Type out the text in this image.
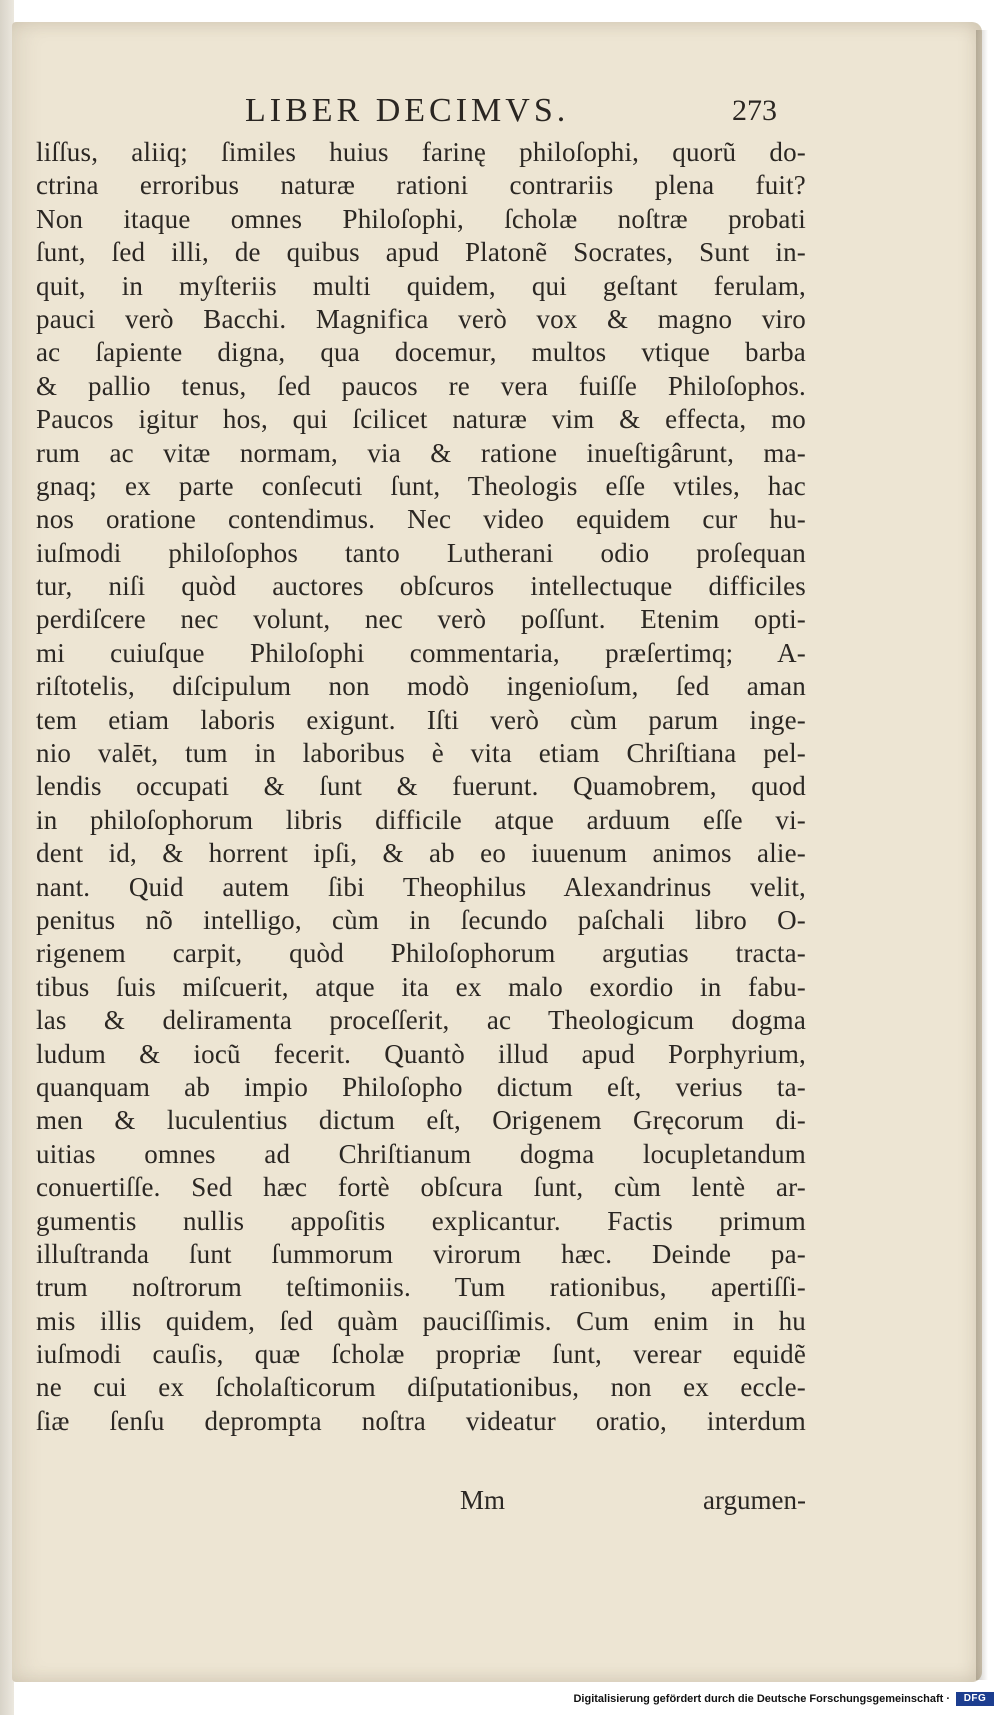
LIBER DECIMVS.	273
liſſus, aliiq; ſimiles huius farinę philoſophi, quorũ do-
ctrina erroribus naturæ rationi contrariis plena fuit?
Non itaque omnes Philoſophi, ſcholæ noſtræ probati
ſunt, ſed illi, de quibus apud Platonẽ Socrates, Sunt in-
quit, in myſteriis multi quidem, qui geſtant ferulam,
pauci verò Bacchi. Magnifica verò vox & magno viro
ac ſapiente digna, qua docemur, multos vtique barba
& pallio tenus, ſed paucos re vera fuiſſe Philoſophos.
Paucos igitur hos, qui ſcilicet naturæ vim & effecta, mo
rum ac vitæ normam, via & ratione inueſtigârunt, ma-
gnaq; ex parte conſecuti ſunt, Theologis eſſe vtiles, hac
nos oratione contendimus. Nec video equidem cur hu-
iuſmodi philoſophos tanto Lutherani odio proſequan
tur, niſi quòd auctores obſcuros intellectuque difficiles
perdiſcere nec volunt, nec verò poſſunt. Etenim opti-
mi cuiuſque Philoſophi commentaria, præſertimq; A-
riſtotelis, diſcipulum non modò ingenioſum, ſed aman
tem etiam laboris exigunt. Iſti verò cùm parum inge-
nio valēt, tum in laboribus è vita etiam Chriſtiana pel-
lendis occupati & ſunt & fuerunt. Quamobrem, quod
in philoſophorum libris difficile atque arduum eſſe vi-
dent id, & horrent ipſi, & ab eo iuuenum animos alie-
nant. Quid autem ſibi Theophilus Alexandrinus velit,
penitus nõ intelligo, cùm in ſecundo paſchali libro O-
rigenem carpit, quòd Philoſophorum argutias tracta-
tibus ſuis miſcuerit, atque ita ex malo exordio in fabu-
las & deliramenta proceſſerit, ac Theologicum dogma
ludum & iocũ fecerit. Quantò illud apud Porphyrium,
quanquam ab impio Philoſopho dictum eſt, verius ta-
men & luculentius dictum eſt, Origenem Gręcorum di-
uitias omnes ad Chriſtianum dogma locupletandum
conuertiſſe. Sed hæc fortè obſcura ſunt, cùm lentè ar-
gumentis nullis appoſitis explicantur. Factis primum
illuſtranda ſunt ſummorum virorum hæc. Deinde pa-
trum noſtrorum teſtimoniis. Tum rationibus, apertiſſi-
mis illis quidem, ſed quàm pauciſſimis. Cum enim in hu
iuſmodi cauſis, quæ ſcholæ propriæ ſunt, verear equidẽ
ne cui ex ſcholaſticorum diſputationibus, non ex eccle-
ſiæ ſenſu deprompta noſtra videatur oratio, interdum
Mm	argumen-
Digitalisierung gefördert durch die Deutsche Forschungsgemeinschaft ·	DFG
